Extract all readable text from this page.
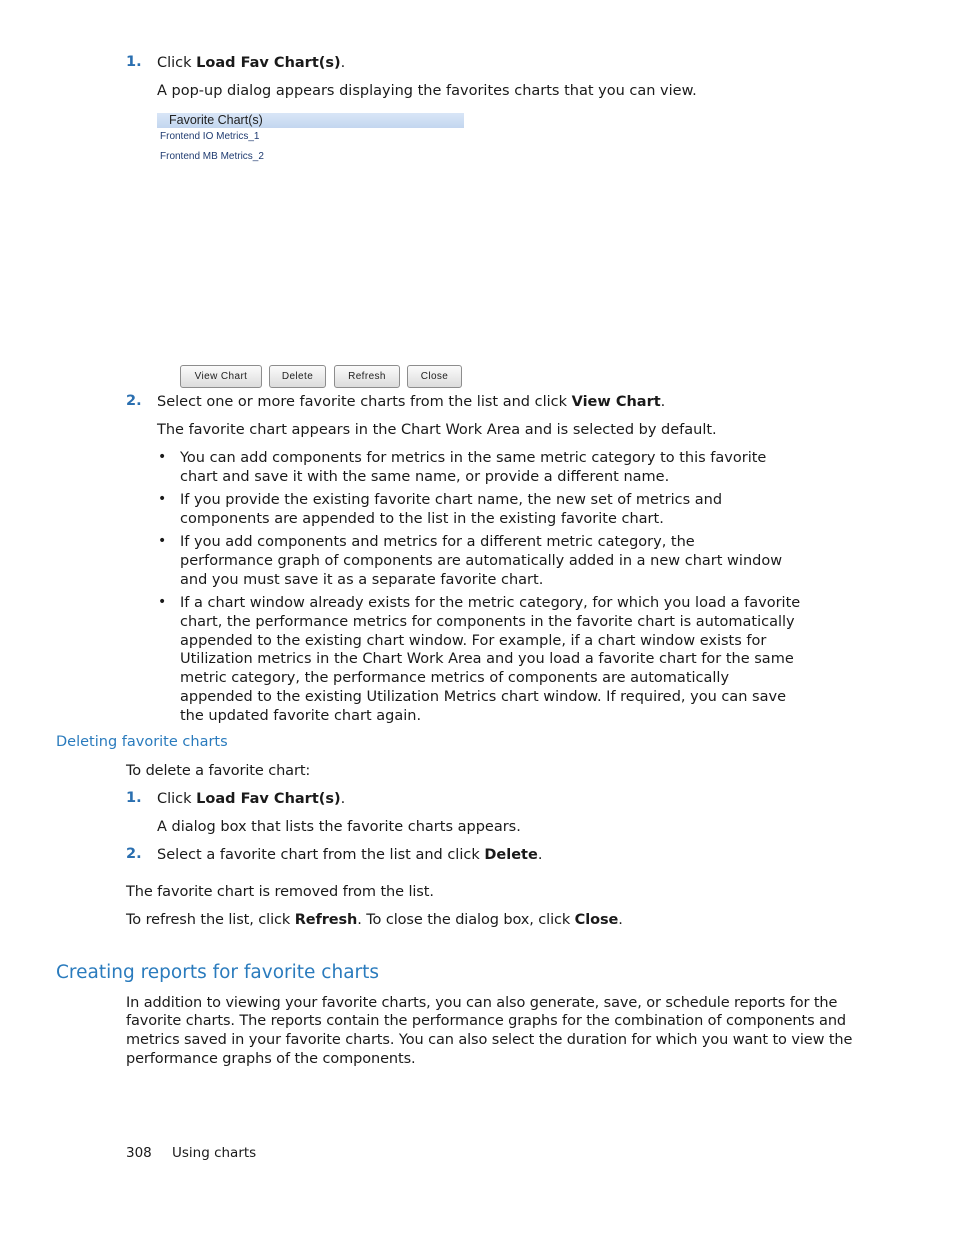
1. Click Load Fav Chart(s).
A pop-up dialog appears displaying the favorites charts that you can view.
Favorite Chart(s)
Frontend IO Metrics_1
Frontend MB Metrics_2
View Chart	Delete	Refresh	Close
2. Select one or more favorite charts from the list and click View Chart.
The favorite chart appears in the Chart Work Area and is selected by default.
• You can add components for metrics in the same metric category to this favorite chart and save it with the same name, or provide a different name.
• If you provide the existing favorite chart name, the new set of metrics and components are appended to the list in the existing favorite chart.
• If you add components and metrics for a different metric category, the performance graph of components are automatically added in a new chart window and you must save it as a separate favorite chart.
• If a chart window already exists for the metric category, for which you load a favorite chart, the performance metrics for components in the favorite chart is automatically appended to the existing chart window. For example, if a chart window exists for Utilization metrics in the Chart Work Area and you load a favorite chart for the same metric category, the performance metrics of components are automatically appended to the existing Utilization Metrics chart window. If required, you can save the updated favorite chart again.
Deleting favorite charts
To delete a favorite chart:
1. Click Load Fav Chart(s).
A dialog box that lists the favorite charts appears.
2. Select a favorite chart from the list and click Delete.
The favorite chart is removed from the list.
To refresh the list, click Refresh. To close the dialog box, click Close.
Creating reports for favorite charts
In addition to viewing your favorite charts, you can also generate, save, or schedule reports for the
favorite charts. The reports contain the performance graphs for the combination of components and
metrics saved in your favorite charts. You can also select the duration for which you want to view the
performance graphs of the components.
308 Using charts
